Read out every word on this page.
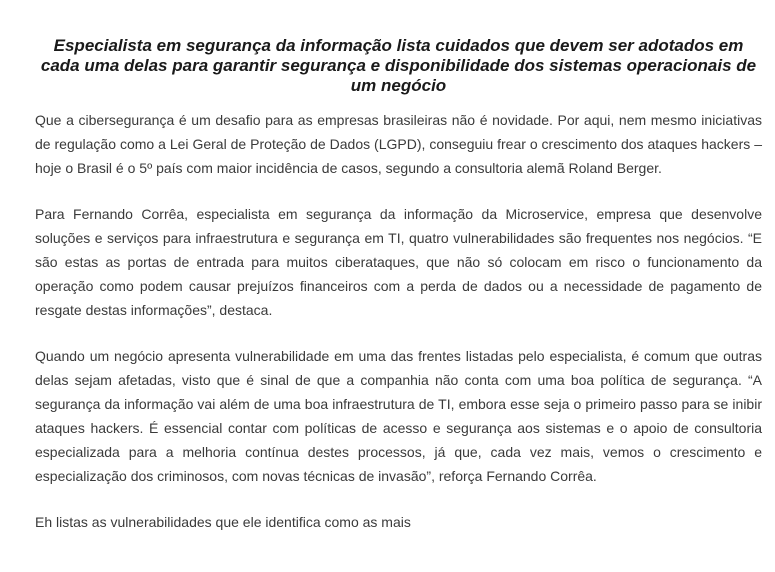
Especialista em segurança da informação lista cuidados que devem ser adotados em cada uma delas para garantir segurança e disponibilidade dos sistemas operacionais de um negócio

Que a cibersegurança é um desafio para as empresas brasileiras não é novidade. Por aqui, nem mesmo iniciativas de regulação como a Lei Geral de Proteção de Dados (LGPD), conseguiu frear o crescimento dos ataques hackers – hoje o Brasil é o 5º país com maior incidência de casos, segundo a consultoria alemã Roland Berger.

Para Fernando Corrêa, especialista em segurança da informação da Microservice, empresa que desenvolve soluções e serviços para infraestrutura e segurança em TI, quatro vulnerabilidades são frequentes nos negócios. “E são estas as portas de entrada para muitos ciberataques, que não só colocam em risco o funcionamento da operação como podem causar prejuízos financeiros com a perda de dados ou a necessidade de pagamento de resgate destas informações”, destaca.

Quando um negócio apresenta vulnerabilidade em uma das frentes listadas pelo especialista, é comum que outras delas sejam afetadas, visto que é sinal de que a companhia não conta com uma boa política de segurança. “A segurança da informação vai além de uma boa infraestrutura de TI, embora esse seja o primeiro passo para se inibir ataques hackers. É essencial contar com políticas de acesso e segurança aos sistemas e o apoio de consultoria especializada para a melhoria contínua destes processos, já que, cada vez mais, vemos o crescimento e especialização dos criminosos, com novas técnicas de invasão”, reforça Fernando Corrêa.

Eh listas as vulnerabilidades que ele identifica como as mais
